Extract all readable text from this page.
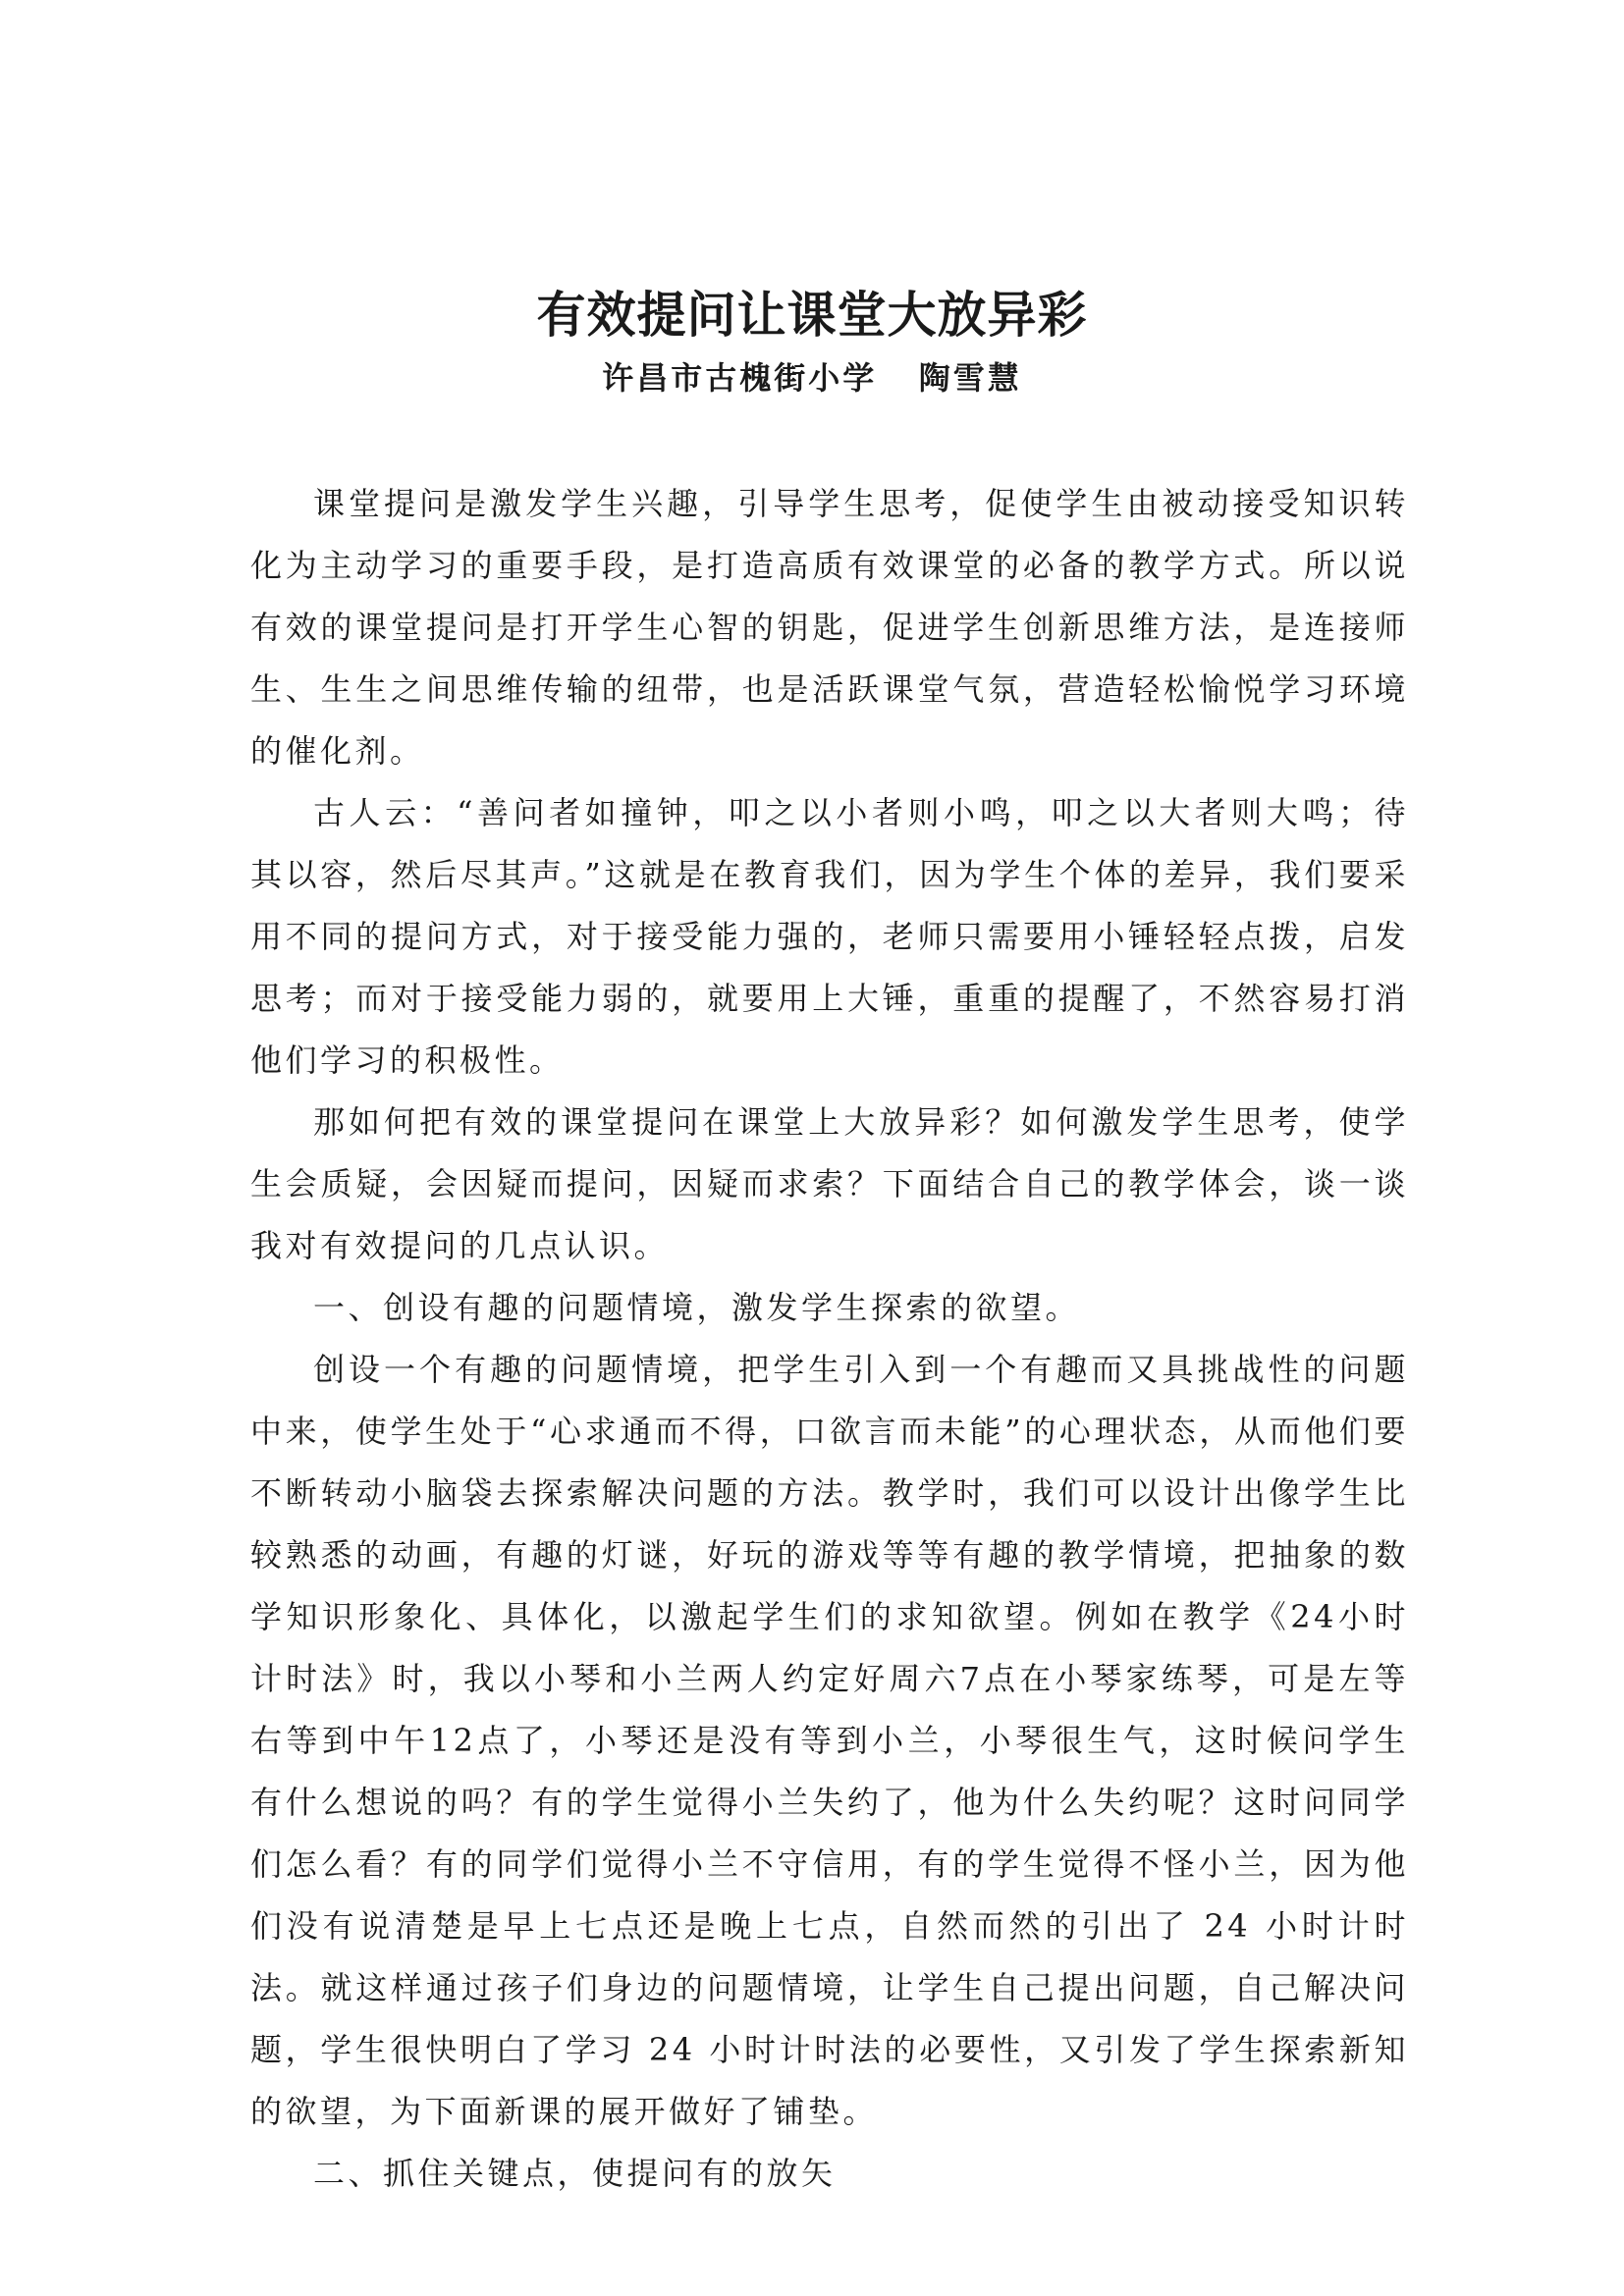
有效提问让课堂大放异彩
许昌市古槐街小学   陶雪慧

课堂提问是激发学生兴趣，引导学生思考，促使学生由被动接受知识转化为主动学习的重要手段，是打造高质有效课堂的必备的教学方式。所以说有效的课堂提问是打开学生心智的钥匙，促进学生创新思维方法，是连接师生、生生之间思维传输的纽带，也是活跃课堂气氛，营造轻松愉悦学习环境的催化剂。

古人云：“善问者如撞钟，叩之以小者则小鸣，叩之以大者则大鸣；待其以容，然后尽其声。”这就是在教育我们，因为学生个体的差异，我们要采用不同的提问方式，对于接受能力强的，老师只需要用小锤轻轻点拨，启发思考；而对于接受能力弱的，就要用上大锤，重重的提醒了，不然容易打消他们学习的积极性。

那如何把有效的课堂提问在课堂上大放异彩？如何激发学生思考，使学生会质疑，会因疑而提问，因疑而求索？下面结合自己的教学体会，谈一谈我对有效提问的几点认识。

一、创设有趣的问题情境，激发学生探索的欲望。

创设一个有趣的问题情境，把学生引入到一个有趣而又具挑战性的问题中来，使学生处于“心求通而不得，口欲言而未能”的心理状态，从而他们要不断转动小脑袋去探索解决问题的方法。教学时，我们可以设计出像学生比较熟悉的动画，有趣的灯谜，好玩的游戏等等有趣的教学情境，把抽象的数学知识形象化、具体化，以激起学生们的求知欲望。例如在教学《24小时计时法》时，我以小琴和小兰两人约定好周六7点在小琴家练琴，可是左等右等到中午12点了，小琴还是没有等到小兰，小琴很生气，这时候问学生有什么想说的吗？有的学生觉得小兰失约了，他为什么失约呢？这时问同学们怎么看？有的同学们觉得小兰不守信用，有的学生觉得不怪小兰，因为他们没有说清楚是早上七点还是晚上七点，自然而然的引出了 24 小时计时法。就这样通过孩子们身边的问题情境，让学生自己提出问题，自己解决问题，学生很快明白了学习 24 小时计时法的必要性，又引发了学生探索新知的欲望，为下面新课的展开做好了铺垫。

二、抓住关键点，使提问有的放矢
